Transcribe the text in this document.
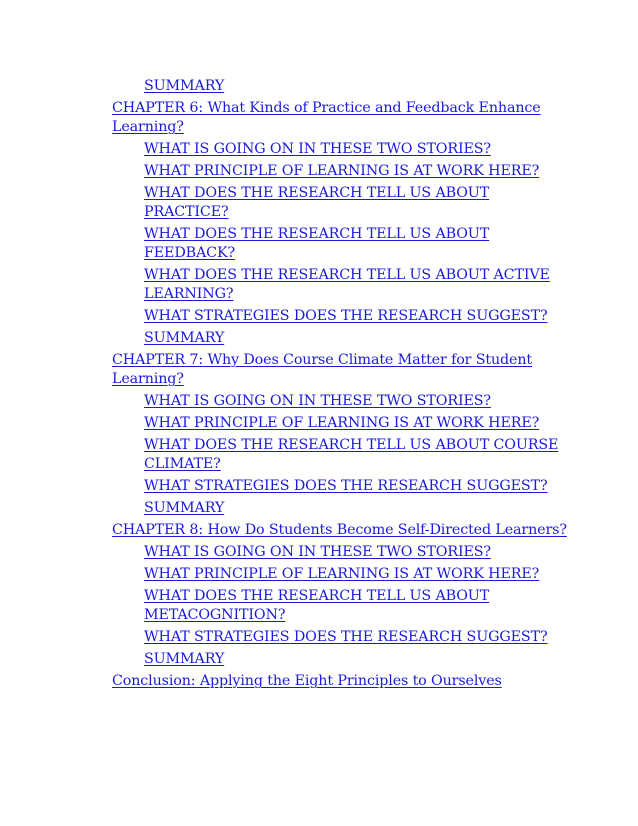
SUMMARY
CHAPTER 6: What Kinds of Practice and Feedback Enhance Learning?
WHAT IS GOING ON IN THESE TWO STORIES?
WHAT PRINCIPLE OF LEARNING IS AT WORK HERE?
WHAT DOES THE RESEARCH TELL US ABOUT PRACTICE?
WHAT DOES THE RESEARCH TELL US ABOUT FEEDBACK?
WHAT DOES THE RESEARCH TELL US ABOUT ACTIVE LEARNING?
WHAT STRATEGIES DOES THE RESEARCH SUGGEST?
SUMMARY
CHAPTER 7: Why Does Course Climate Matter for Student Learning?
WHAT IS GOING ON IN THESE TWO STORIES?
WHAT PRINCIPLE OF LEARNING IS AT WORK HERE?
WHAT DOES THE RESEARCH TELL US ABOUT COURSE CLIMATE?
WHAT STRATEGIES DOES THE RESEARCH SUGGEST?
SUMMARY
CHAPTER 8: How Do Students Become Self-Directed Learners?
WHAT IS GOING ON IN THESE TWO STORIES?
WHAT PRINCIPLE OF LEARNING IS AT WORK HERE?
WHAT DOES THE RESEARCH TELL US ABOUT METACOGNITION?
WHAT STRATEGIES DOES THE RESEARCH SUGGEST?
SUMMARY
Conclusion: Applying the Eight Principles to Ourselves
